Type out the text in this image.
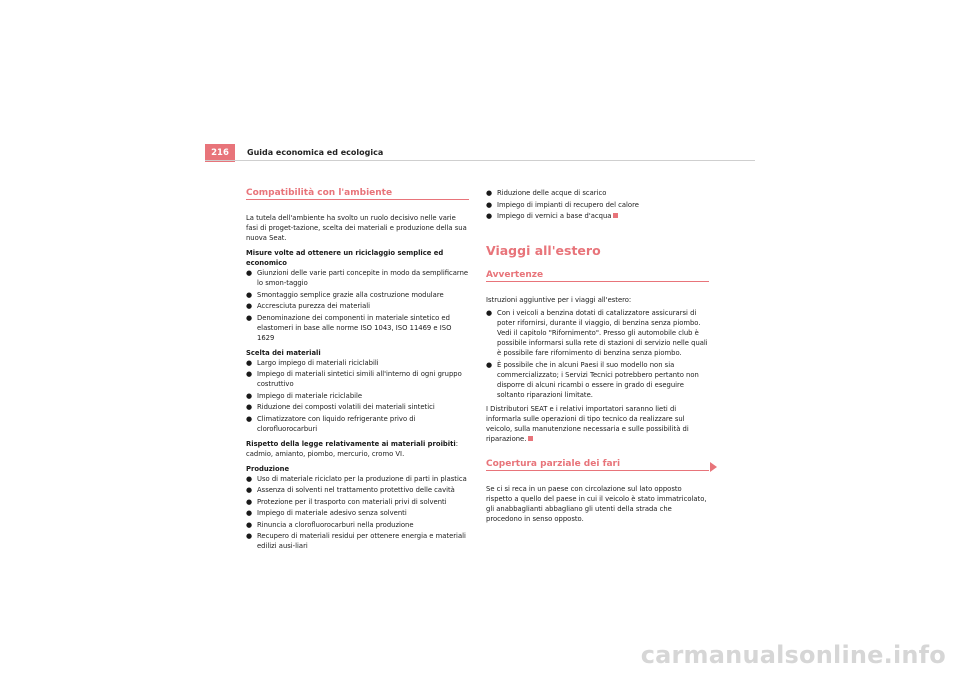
216	Guida economica ed ecologica
Compatibilità con l'ambiente
La tutela dell'ambiente ha svolto un ruolo decisivo nelle varie fasi di proget-tazione, scelta dei materiali e produzione della sua nuova Seat.
Misure volte ad ottenere un riciclaggio semplice ed economico
● Giunzioni delle varie parti concepite in modo da semplificarne lo smon-taggio
● Smontaggio semplice grazie alla costruzione modulare
● Accresciuta purezza dei materiali
● Denominazione dei componenti in materiale sintetico ed elastomeri in base alle norme ISO 1043, ISO 11469 e ISO 1629
Scelta dei materiali
● Largo impiego di materiali riciclabili
● Impiego di materiali sintetici simili all'interno di ogni gruppo costruttivo
● Impiego di materiale riciclabile
● Riduzione dei composti volatili dei materiali sintetici
● Climatizzatore con liquido refrigerante privo di clorofluorocarburi
Rispetto della legge relativamente ai materiali proibiti: cadmio, amianto, piombo, mercurio, cromo VI.
Produzione
● Uso di materiale riciclato per la produzione di parti in plastica
● Assenza di solventi nel trattamento protettivo delle cavità
● Protezione per il trasporto con materiali privi di solventi
● Impiego di materiale adesivo senza solventi
● Rinuncia a clorofluorocarburi nella produzione
● Recupero di materiali residui per ottenere energia e materiali edilizi ausi-liari
● Riduzione delle acque di scarico
● Impiego di impianti di recupero del calore
● Impiego di vernici a base d'acqua
Viaggi all'estero
Avvertenze
Istruzioni aggiuntive per i viaggi all'estero:
● Con i veicoli a benzina dotati di catalizzatore assicurarsi di poter rifornirsi, durante il viaggio, di benzina senza piombo. Vedi il capitolo "Rifornimento". Presso gli automobile club è possibile informarsi sulla rete di stazioni di servizio nelle quali è possibile fare rifornimento di benzina senza piombo.
● È possibile che in alcuni Paesi il suo modello non sia commercializzato; i Servizi Tecnici potrebbero pertanto non disporre di alcuni ricambi o essere in grado di eseguire soltanto riparazioni limitate.
I Distributori SEAT e i relativi importatori saranno lieti di informarla sulle operazioni di tipo tecnico da realizzare sul veicolo, sulla manutenzione necessaria e sulle possibilità di riparazione.
Copertura parziale dei fari
Se ci si reca in un paese con circolazione sul lato opposto rispetto a quello del paese in cui il veicolo è stato immatricolato, gli anabbaglianti abbagliano gli utenti della strada che procedono in senso opposto.
carmanualsonline.info
